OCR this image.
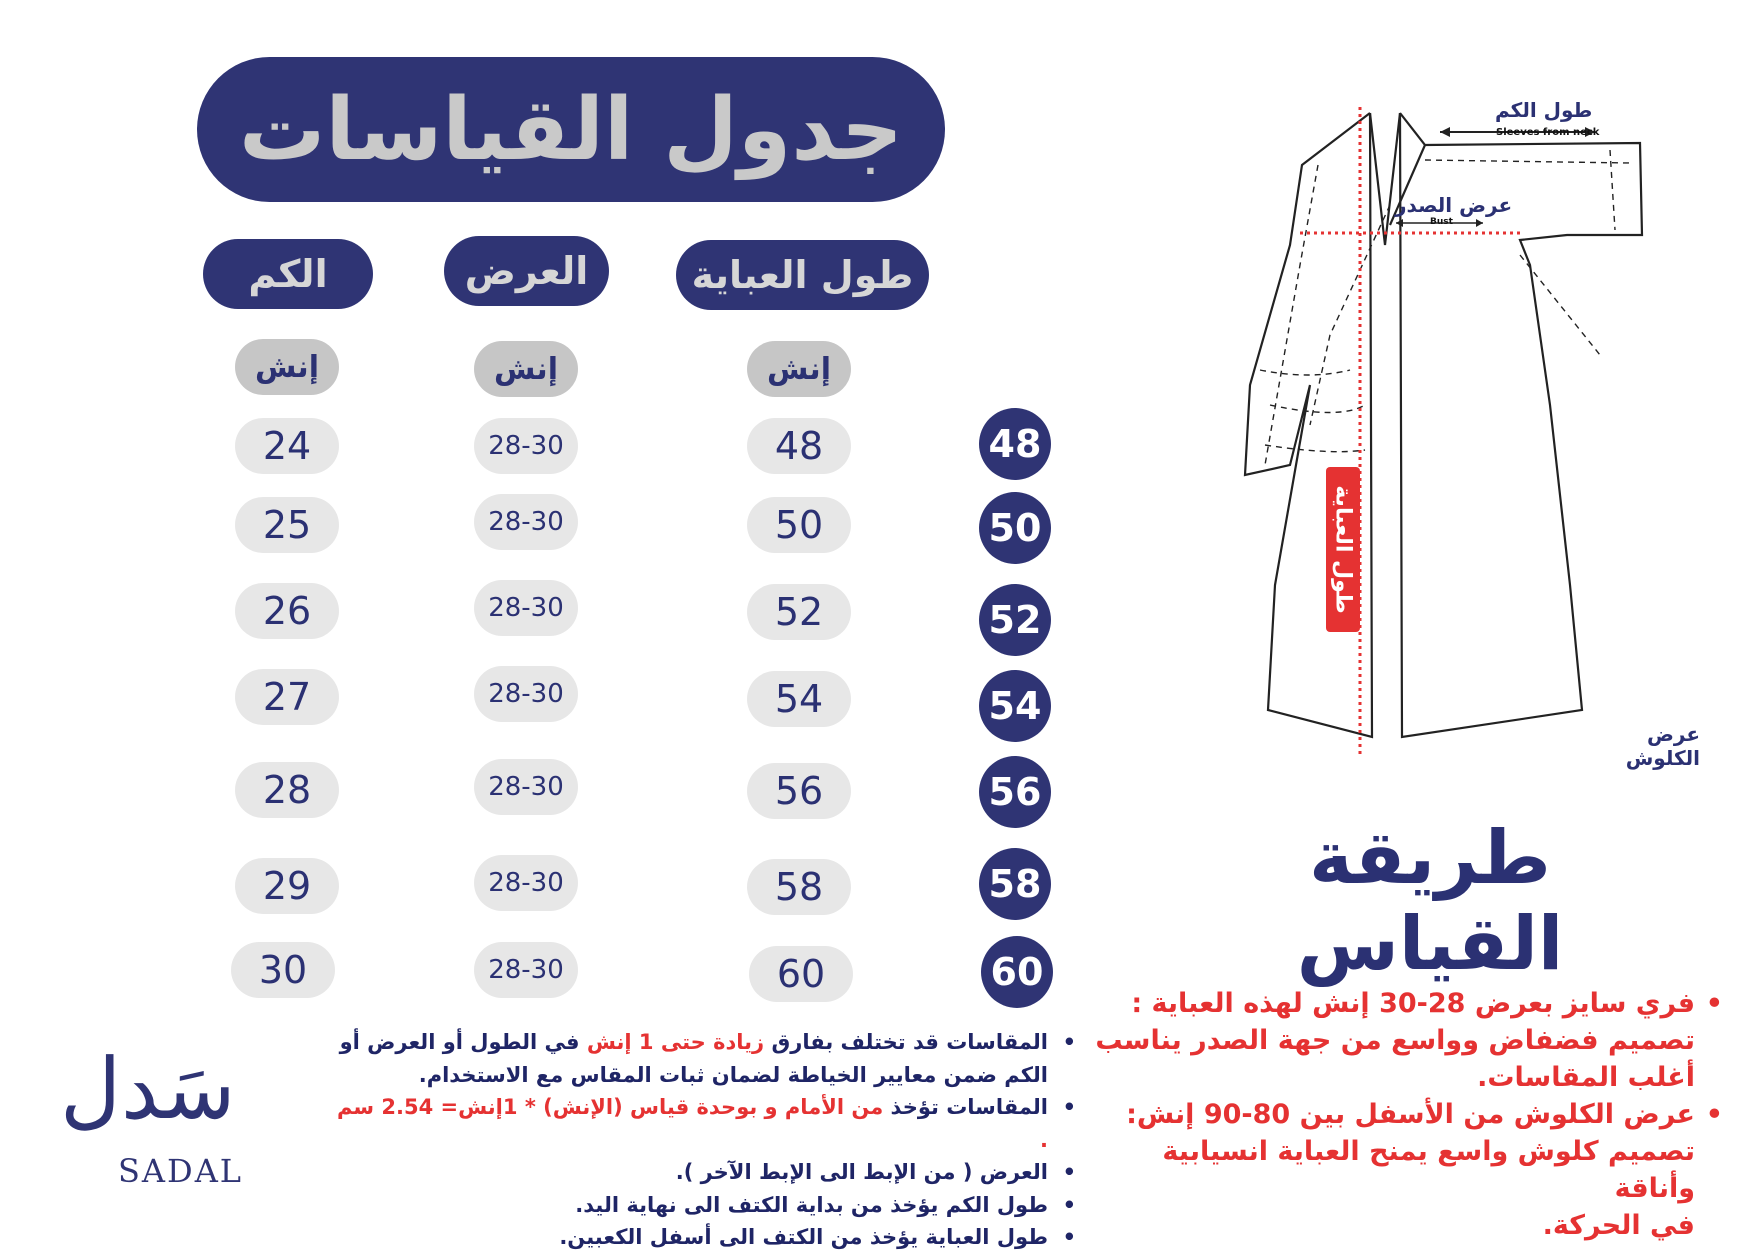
جدول القياسات
الكم	العرض	طول العباية
إنش	إنش	إنش
24	28-30	48	48
25	28-30	50	50
26	28-30	52	52
27	28-30	54	54
28	28-30	56	56
29	28-30	58	58
30	28-30	60	60
طول الكم
Sleeves from neck
عرض الصدر
Bust
طول العباية
عرض الكلوش
طريقة القياس
• فري سايز بعرض 28-30 إنش لهذه العباية :
تصميم فضفاض وواسع من جهة الصدر يناسب
أغلب المقاسات.
• عرض الكلوش من الأسفل بين 80-90 إنش:
تصميم كلوش واسع يمنح العباية انسيابية وأناقة
في الحركة.
• المقاسات قد تختلف بفارق زيادة حتى 1 إنش في الطول أو العرض أو الكم ضمن معايير الخياطة لضمان ثبات المقاس مع الاستخدام.
• المقاسات تؤخذ من الأمام و بوحدة قياس (الإنش) * 1إنش= 2.54 سم .
• العرض ( من الإبط الى الإبط الآخر ).
• طول الكم يؤخذ من بداية الكتف الى نهاية اليد.
• طول العباية يؤخذ من الكتف الى أسفل الكعبين.
سَدل
SADAL
